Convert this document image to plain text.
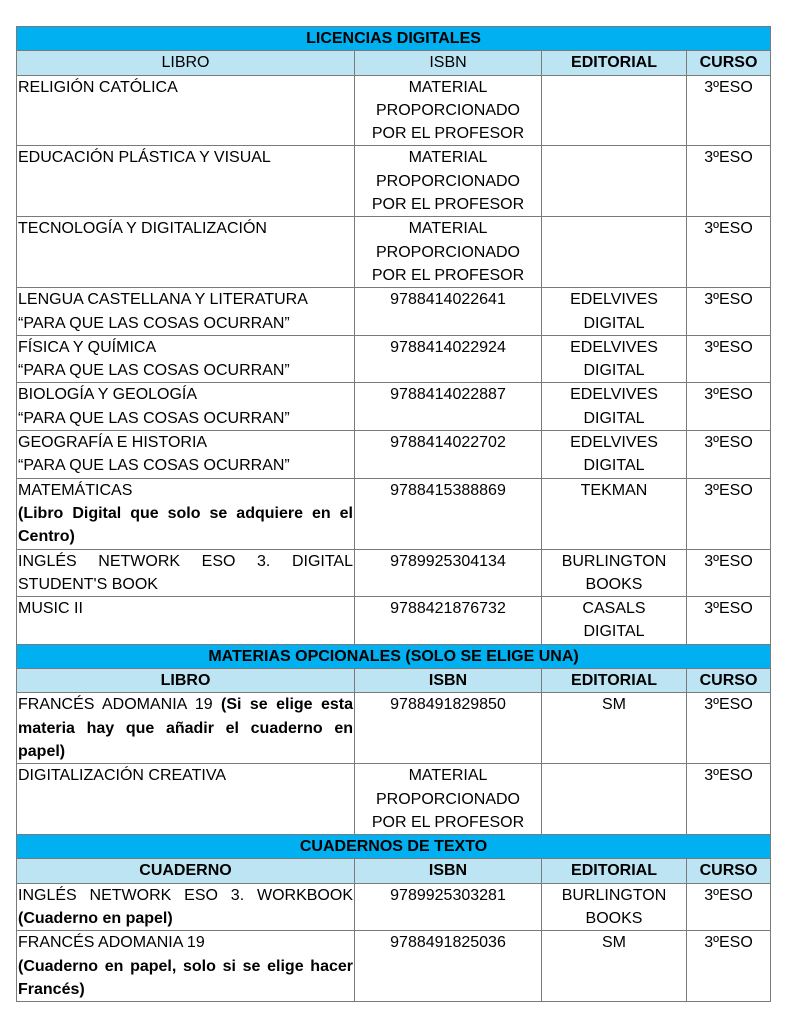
LICENCIAS DIGITALES			
LIBRO	ISBN	EDITORIAL	CURSO
RELIGIÓN CATÓLICA	MATERIAL
PROPORCIONADO
POR EL PROFESOR		3ºESO
EDUCACIÓN PLÁSTICA Y VISUAL	MATERIAL
PROPORCIONADO
POR EL PROFESOR		3ºESO
TECNOLOGÍA Y DIGITALIZACIÓN	MATERIAL
PROPORCIONADO
POR EL PROFESOR		3ºESO

LENGUA CASTELLANA Y LITERATURA
“PARA QUE LAS COSAS OCURRAN”	9788414022641	EDELVIVES
DIGITAL	3ºESO

FÍSICA Y QUÍMICA
“PARA QUE LAS COSAS OCURRAN”	9788414022924	EDELVIVES
DIGITAL	3ºESO

BIOLOGÍA Y GEOLOGÍA
“PARA QUE LAS COSAS OCURRAN”	9788414022887	EDELVIVES
DIGITAL	3ºESO

GEOGRAFÍA E HISTORIA
“PARA QUE LAS COSAS OCURRAN”	9788414022702	EDELVIVES
DIGITAL	3ºESO

MATEMÁTICAS
(Libro Digital que solo se adquiere en el
Centro)	9788415388869	TEKMAN	3ºESO

INGLÉS NETWORK ESO 3. DIGITAL
STUDENT'S BOOK	9789925304134	BURLINGTON
BOOKS	3ºESO
MUSIC II	9788421876732	CASALS
DIGITAL	3ºESO
MATERIAS OPCIONALES (SOLO SE ELIGE UNA)			
LIBRO	ISBN	EDITORIAL	CURSO

FRANCÉS ADOMANIA 19 (Si se elige esta
materia hay que añadir el cuaderno en
papel)	9788491829850	SM	3ºESO
DIGITALIZACIÓN CREATIVA	MATERIAL
PROPORCIONADO
POR EL PROFESOR		3ºESO
CUADERNOS DE TEXTO			
CUADERNO	ISBN	EDITORIAL	CURSO

INGLÉS NETWORK ESO 3. WORKBOOK
(Cuaderno en papel)	9789925303281	BURLINGTON
BOOKS	3ºESO

FRANCÉS ADOMANIA 19
(Cuaderno en papel, solo si se elige hacer
Francés)	9788491825036	SM	3ºESO
